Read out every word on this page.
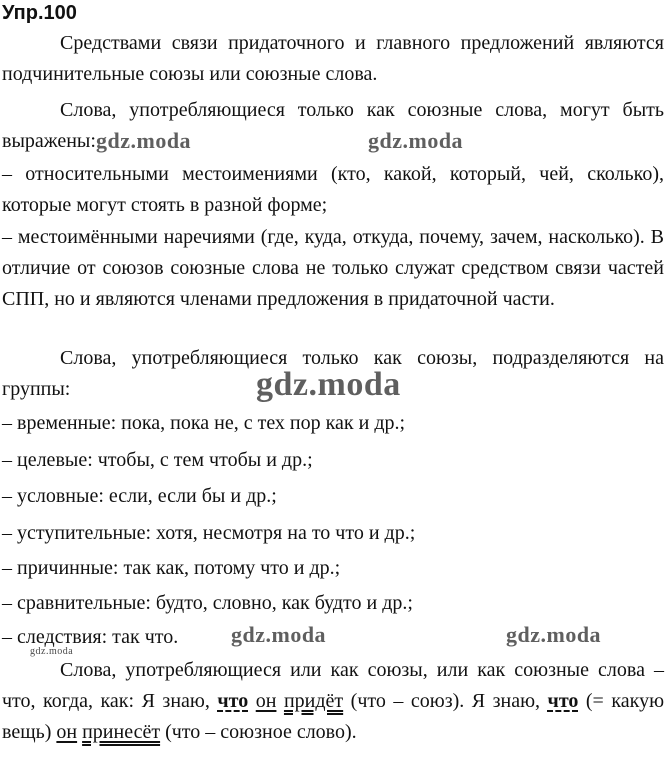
Упр.100
Средствами связи придаточного и главного предложений являются подчинительные союзы или союзные слова.
Слова, употребляющиеся только как союзные слова, могут быть выражены:
– относительными местоимениями (кто, какой, который, чей, сколько), которые могут стоять в разной форме;
– местоимёнными наречиями (где, куда, откуда, почему, зачем, насколько). В отличие от союзов союзные слова не только служат средством связи частей СПП, но и являются членами предложения в придаточной части.
Слова, употребляющиеся только как союзы, подразделяются на группы:
– временные: пока, пока не, с тех пор как и др.;
– целевые: чтобы, с тем чтобы и др.;
– условные: если, если бы и др.;
– уступительные: хотя, несмотря на то что и др.;
– причинные: так как, потому что и др.;
– сравнительные: будто, словно, как будто и др.;
– следствия: так что.
Слова, употребляющиеся или как союзы, или как союзные слова – что, когда, как: Я знаю, что он придёт (что – союз). Я знаю, что (= какую вещь) он принесёт (что – союзное слово).
gdz.moda	gdz.moda
gdz.moda
gdz.moda	gdz.moda
gdz.moda
